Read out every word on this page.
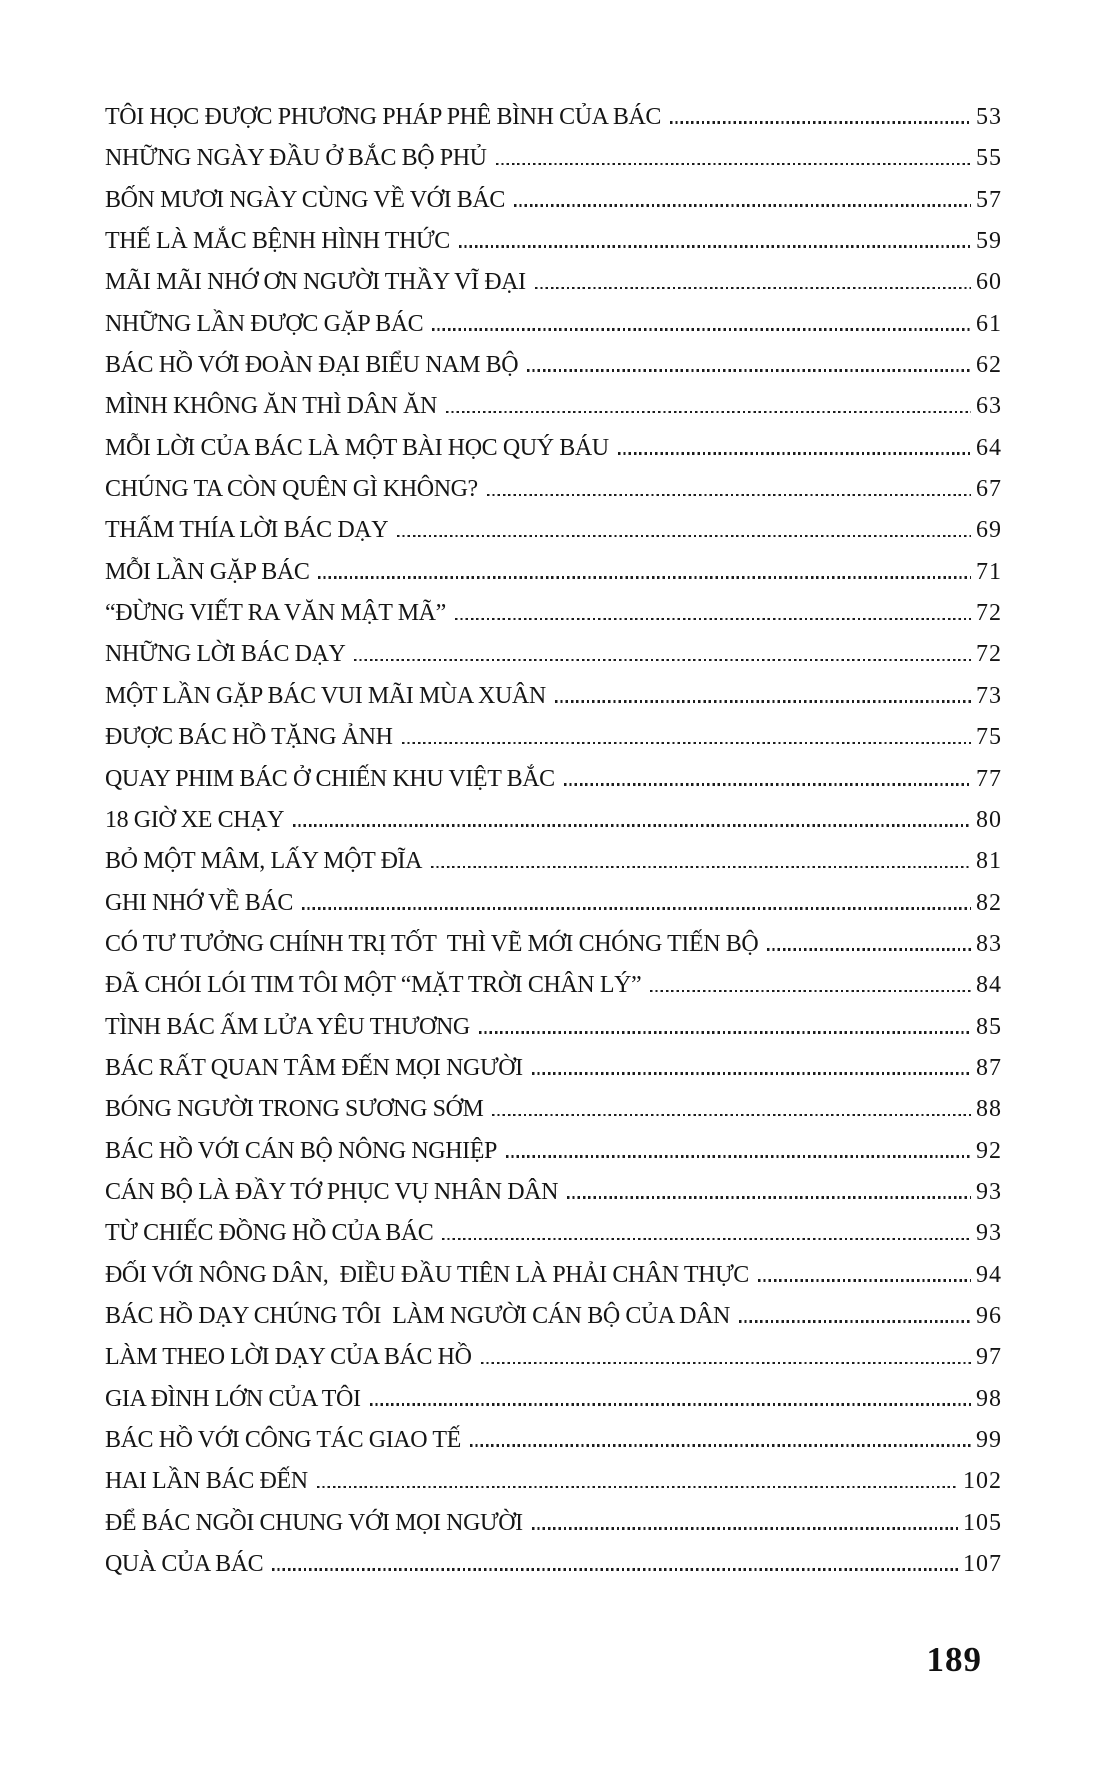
TÔI HỌC ĐƯỢC PHƯƠNG PHÁP PHÊ BÌNH CỦA BÁC	53
NHỮNG NGÀY ĐẦU Ở BẮC BỘ PHỦ	55
BỐN MƯƠI NGÀY CÙNG VỀ VỚI BÁC	57
THẾ LÀ MẮC BỆNH HÌNH THỨC	59
MÃI MÃI NHỚ ƠN NGƯỜI THẦY VĨ ĐẠI	60
NHỮNG LẦN ĐƯỢC GẶP BÁC	61
BÁC HỒ VỚI ĐOÀN ĐẠI BIỂU NAM BỘ	62
MÌNH KHÔNG ĂN THÌ DÂN ĂN	63
MỖI LỜI CỦA BÁC LÀ MỘT BÀI HỌC QUÝ BÁU	64
CHÚNG TA CÒN QUÊN GÌ KHÔNG?	67
THẤM THÍA LỜI BÁC DẠY	69
MỖI LẦN GẶP BÁC	71
“ĐỪNG VIẾT RA VĂN MẬT MÃ”	72
NHỮNG LỜI BÁC DẠY	72
MỘT LẦN GẶP BÁC VUI MÃI MÙA XUÂN	73
ĐƯỢC BÁC HỒ TẶNG ẢNH	75
QUAY PHIM BÁC Ở CHIẾN KHU VIỆT BẮC	77
18 GIỜ XE CHẠY	80
BỎ MỘT MÂM, LẤY MỘT ĐĨA	81
GHI NHỚ VỀ BÁC	82
CÓ TƯ TƯỞNG CHÍNH TRỊ TỐT  THÌ VẼ MỚI CHÓNG TIẾN BỘ	83
ĐÃ CHÓI LÓI TIM TÔI MỘT “MẶT TRỜI CHÂN LÝ”	84
TÌNH BÁC ẤM LỬA YÊU THƯƠNG	85
BÁC RẤT QUAN TÂM ĐẾN MỌI NGƯỜI	87
BÓNG NGƯỜI TRONG SƯƠNG SỚM	88
BÁC HỒ VỚI CÁN BỘ NÔNG NGHIỆP	92
CÁN BỘ LÀ ĐẦY TỚ PHỤC VỤ NHÂN DÂN	93
TỪ CHIẾC ĐỒNG HỒ CỦA BÁC	93
ĐỐI VỚI NÔNG DÂN,  ĐIỀU ĐẦU TIÊN LÀ PHẢI CHÂN THỰC	94
BÁC HỒ DẠY CHÚNG TÔI  LÀM NGƯỜI CÁN BỘ CỦA DÂN	96
LÀM THEO LỜI DẠY CỦA BÁC HỒ	97
GIA ĐÌNH LỚN CỦA TÔI	98
BÁC HỒ VỚI CÔNG TÁC GIAO TẾ	99
HAI LẦN BÁC ĐẾN	102
ĐỂ BÁC NGỒI CHUNG VỚI MỌI NGƯỜI	105
QUÀ CỦA BÁC	107
189
